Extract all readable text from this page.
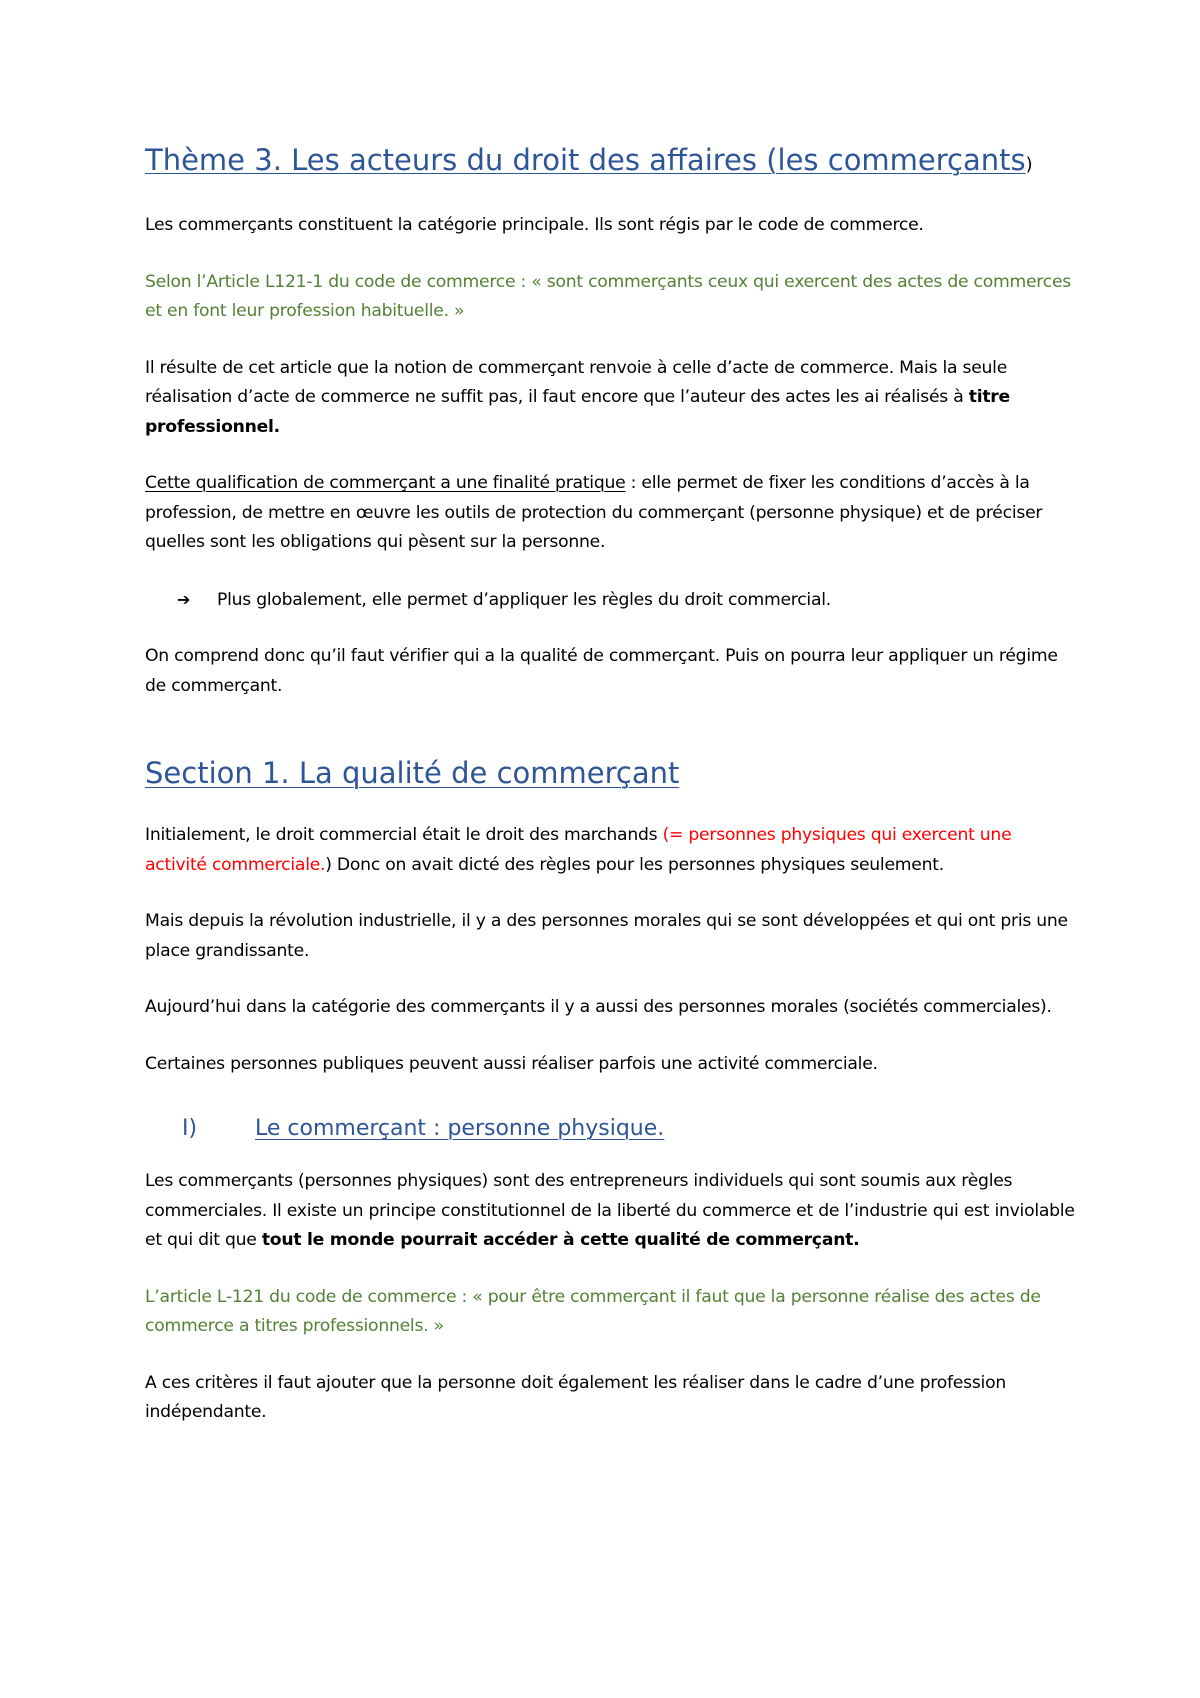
Thème 3. Les acteurs du droit des affaires (les commerçants)

Les commerçants constituent la catégorie principale. Ils sont régis par le code de commerce.

Selon l’Article L121-1 du code de commerce : « sont commerçants ceux qui exercent des actes de commerces et en font leur profession habituelle. »

Il résulte de cet article que la notion de commerçant renvoie à celle d’acte de commerce. Mais la seule réalisation d’acte de commerce ne suffit pas, il faut encore que l’auteur des actes les ai réalisés à titre professionnel.

Cette qualification de commerçant a une finalité pratique : elle permet de fixer les conditions d’accès à la profession, de mettre en œuvre les outils de protection du commerçant (personne physique) et de préciser quelles sont les obligations qui pèsent sur la personne.

➔	Plus globalement, elle permet d’appliquer les règles du droit commercial.

On comprend donc qu’il faut vérifier qui a la qualité de commerçant. Puis on pourra leur appliquer un régime de commerçant.

Section 1. La qualité de commerçant

Initialement, le droit commercial était le droit des marchands (= personnes physiques qui exercent une activité commerciale.) Donc on avait dicté des règles pour les personnes physiques seulement.

Mais depuis la révolution industrielle, il y a des personnes morales qui se sont développées et qui ont pris une place grandissante.

Aujourd’hui dans la catégorie des commerçants il y a aussi des personnes morales (sociétés commerciales).

Certaines personnes publiques peuvent aussi réaliser parfois une activité commerciale.

I)	Le commerçant : personne physique.

Les commerçants (personnes physiques) sont des entrepreneurs individuels qui sont soumis aux règles commerciales. Il existe un principe constitutionnel de la liberté du commerce et de l’industrie qui est inviolable et qui dit que tout le monde pourrait accéder à cette qualité de commerçant.

L’article L-121 du code de commerce : « pour être commerçant il faut que la personne réalise des actes de commerce a titres professionnels. »

A ces critères il faut ajouter que la personne doit également les réaliser dans le cadre d’une profession indépendante.
